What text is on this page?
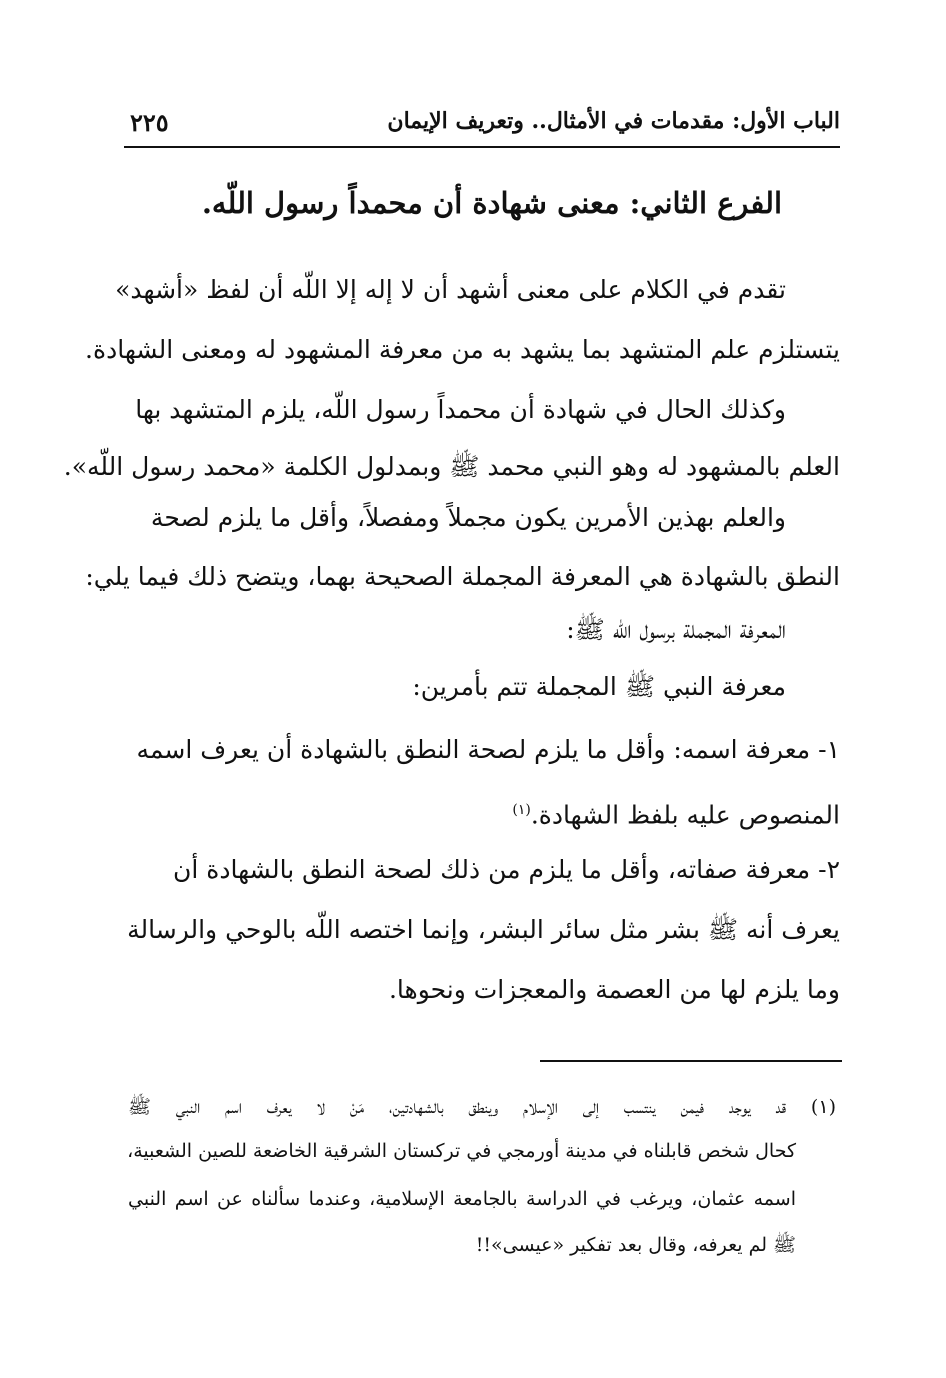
الباب الأول: مقدمات في الأمثال.. وتعريف الإيمان
٢٢٥
الفرع الثاني: معنى شهادة أن محمداً رسول اللّه.
تقدم في الكلام على معنى أشهد أن لا إله إلا اللّه أن لفظ «أشهد»
يتستلزم علم المتشهد بما يشهد به من معرفة المشهود له ومعنى الشهادة.
وكذلك الحال في شهادة أن محمداً رسول اللّه، يلزم المتشهد بها
العلم بالمشهود له وهو النبي محمد ﷺ وبمدلول الكلمة «محمد رسول اللّه».
والعلم بهذين الأمرين يكون مجملاً ومفصلاً، وأقل ما يلزم لصحة
النطق بالشهادة هي المعرفة المجملة الصحيحة بهما، ويتضح ذلك فيما يلي:
المعرفة المجملة برسول اللّه ﷺ:
معرفة النبي ﷺ المجملة تتم بأمرين:
١- معرفة اسمه: وأقل ما يلزم لصحة النطق بالشهادة أن يعرف اسمه
المنصوص عليه بلفظ الشهادة.$^{(١)}$
٢- معرفة صفاته، وأقل ما يلزم من ذلك لصحة النطق بالشهادة أن
يعرف أنه ﷺ بشر مثل سائر البشر، وإنما اختصه اللّه بالوحي والرسالة
وما يلزم لها من العصمة والمعجزات ونحوها.
(١) قد يوجد فيمن ينتسب إلى الإسلام وينطق بالشهادتين، مَنْ لا يعرف اسم النبي ﷺ
كحال شخص قابلناه في مدينة أورمجي في تركستان الشرقية الخاضعة للصين الشعبية،
اسمه عثمان، ويرغب في الدراسة بالجامعة الإسلامية، وعندما سألناه عن اسم النبي
ﷺ لم يعرفه، وقال بعد تفكير «عيسى»!!
